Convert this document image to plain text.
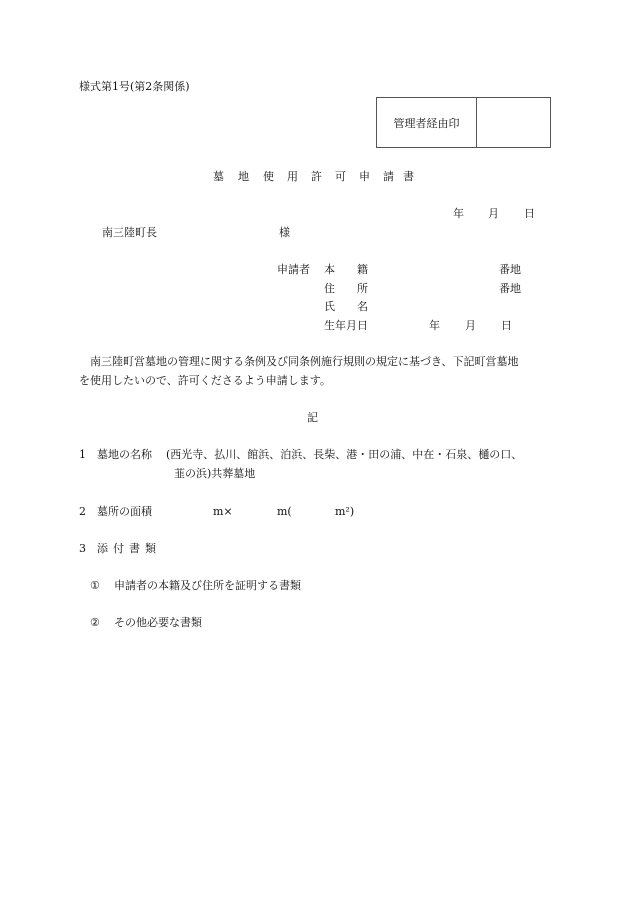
様式第1号(第2条関係)
管理者経由印
墓 地 使 用 許 可 申 請 書
年 月 日
南三陸町長	様
申請者 本 籍	番地
住 所	番地
氏 名
生年月日	年 月 日
南三陸町営墓地の管理に関する条例及び同条例施行規則の規定に基づき、下記町営墓地
を使用したいので、許可くださるよう申請します。
記
1 墓地の名称 (西光寺、払川、館浜、泊浜、長柴、港・田の浦、中在・石泉、樋の口、
韮の浜)共葬墓地
2 墓所の面積	m×	m(	m²)
3 添 付 書 類
① 申請者の本籍及び住所を証明する書類
② その他必要な書類
